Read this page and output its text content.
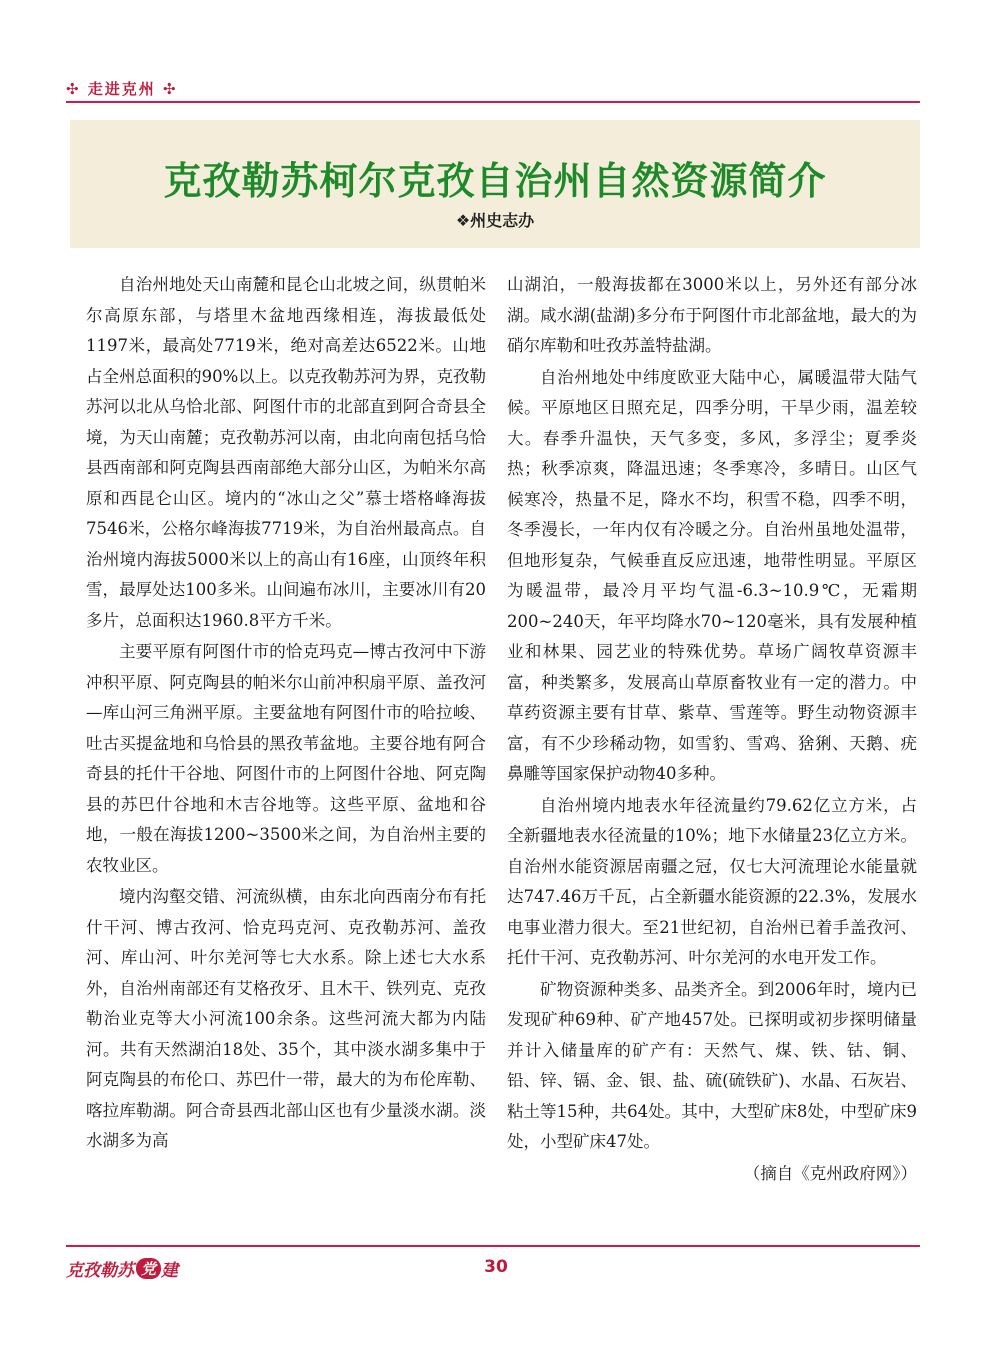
✣ 走进克州 ✣
克孜勒苏柯尔克孜自治州自然资源简介
❖州史志办

自治州地处天山南麓和昆仑山北坡之间，纵贯帕米尔高原东部，与塔里木盆地西缘相连，海拔最低处1197米，最高处7719米，绝对高差达6522米。山地占全州总面积的90%以上。以克孜勒苏河为界，克孜勒苏河以北从乌恰北部、阿图什市的北部直到阿合奇县全境，为天山南麓；克孜勒苏河以南，由北向南包括乌恰县西南部和阿克陶县西南部绝大部分山区，为帕米尔高原和西昆仑山区。境内的“冰山之父”慕士塔格峰海拔7546米，公格尔峰海拔7719米，为自治州最高点。自治州境内海拔5000米以上的高山有16座，山顶终年积雪，最厚处达100多米。山间遍布冰川，主要冰川有20多片，总面积达1960.8平方千米。

主要平原有阿图什市的恰克玛克—博古孜河中下游冲积平原、阿克陶县的帕米尔山前冲积扇平原、盖孜河—库山河三角洲平原。主要盆地有阿图什市的哈拉峻、吐古买提盆地和乌恰县的黑孜苇盆地。主要谷地有阿合奇县的托什干谷地、阿图什市的上阿图什谷地、阿克陶县的苏巴什谷地和木吉谷地等。这些平原、盆地和谷地，一般在海拔1200~3500米之间，为自治州主要的农牧业区。

境内沟壑交错、河流纵横，由东北向西南分布有托什干河、博古孜河、恰克玛克河、克孜勒苏河、盖孜河、库山河、叶尔羌河等七大水系。除上述七大水系外，自治州南部还有艾格孜牙、且木干、铁列克、克孜勒治业克等大小河流100余条。这些河流大都为内陆河。共有天然湖泊18处、35个，其中淡水湖多集中于阿克陶县的布伦口、苏巴什一带，最大的为布伦库勒、喀拉库勒湖。阿合奇县西北部山区也有少量淡水湖。淡水湖多为高

山湖泊，一般海拔都在3000米以上，另外还有部分冰湖。咸水湖(盐湖)多分布于阿图什市北部盆地，最大的为硝尔库勒和吐孜苏盖特盐湖。

自治州地处中纬度欧亚大陆中心，属暖温带大陆气候。平原地区日照充足，四季分明，干旱少雨，温差较大。春季升温快，天气多变，多风，多浮尘；夏季炎热；秋季凉爽，降温迅速；冬季寒冷，多晴日。山区气候寒冷，热量不足，降水不均，积雪不稳，四季不明，冬季漫长，一年内仅有冷暖之分。自治州虽地处温带，但地形复杂，气候垂直反应迅速，地带性明显。平原区为暖温带，最冷月平均气温-6.3~10.9℃，无霜期200~240天，年平均降水70~120毫米，具有发展种植业和林果、园艺业的特殊优势。草场广阔牧草资源丰富，种类繁多，发展高山草原畜牧业有一定的潜力。中草药资源主要有甘草、紫草、雪莲等。野生动物资源丰富，有不少珍稀动物，如雪豹、雪鸡、猞猁、天鹅、疣鼻雕等国家保护动物40多种。

自治州境内地表水年径流量约79.62亿立方米，占全新疆地表水径流量的10%；地下水储量23亿立方米。自治州水能资源居南疆之冠，仅七大河流理论水能量就达747.46万千瓦，占全新疆水能资源的22.3%，发展水电事业潜力很大。至21世纪初，自治州已着手盖孜河、托什干河、克孜勒苏河、叶尔羌河的水电开发工作。

矿物资源种类多、品类齐全。到2006年时，境内已发现矿种69种、矿产地457处。已探明或初步探明储量并计入储量库的矿产有：天然气、煤、铁、钴、铜、铅、锌、镉、金、银、盐、硫(硫铁矿)、水晶、石灰岩、粘土等15种，共64处。其中，大型矿床8处，中型矿床9处，小型矿床47处。

（摘自《克州政府网》）

克孜勒苏 党 建	30
